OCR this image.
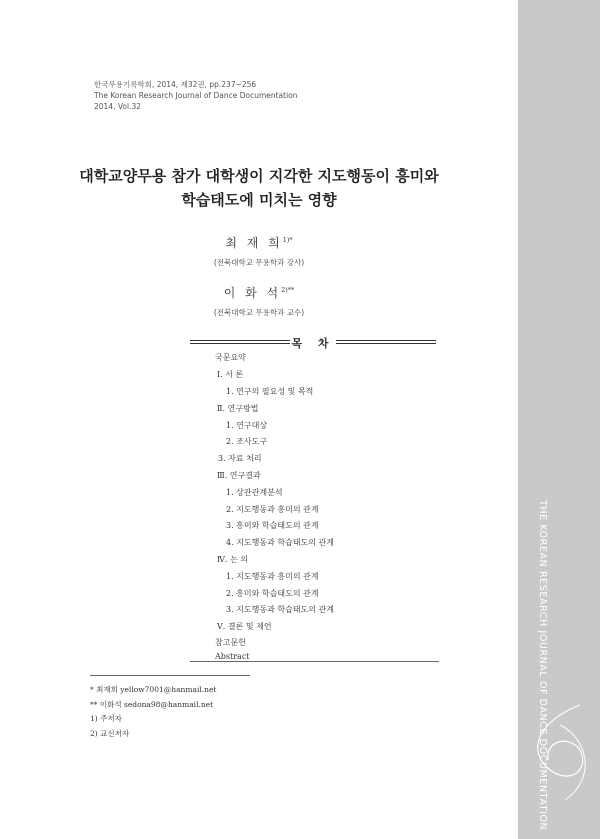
THE KOREAN RESEARCH JOURNAL OF DANCE DOCUMENTATION
한국무용기록학회, 2014, 제32권, pp.237~256
The Korean Research Journal of Dance Documentation
2014, Vol.32
대학교양무용 참가 대학생이 지각한 지도행동이 흥미와
학습태도에 미치는 영향
최 재 희$^{1)*}$
(전북대학교 무용학과 강사)
이 화 석$^{2)**}$
(전북대학교 무용학과 교수)
목 차
국문요약
Ⅰ. 서 론
1. 연구의 필요성 및 목적
Ⅱ. 연구방법
1. 연구대상
2. 조사도구
3. 자료 처리
Ⅲ. 연구결과
1. 상관관계분석
2. 지도행동과 흥미의 관계
3. 흥미와 학습태도의 관계
4. 지도행동과 학습태도의 관계
Ⅳ. 논 의
1. 지도행동과 흥미의 관계
2. 흥미와 학습태도의 관계
3. 지도행동과 학습태도의 관계
Ⅴ. 결론 및 제언
참고문헌
Abstract
* 최재희 yellow7001@hanmail.net
** 이화석 sedona98@hanmail.net
1) 주저자
2) 교신저자
